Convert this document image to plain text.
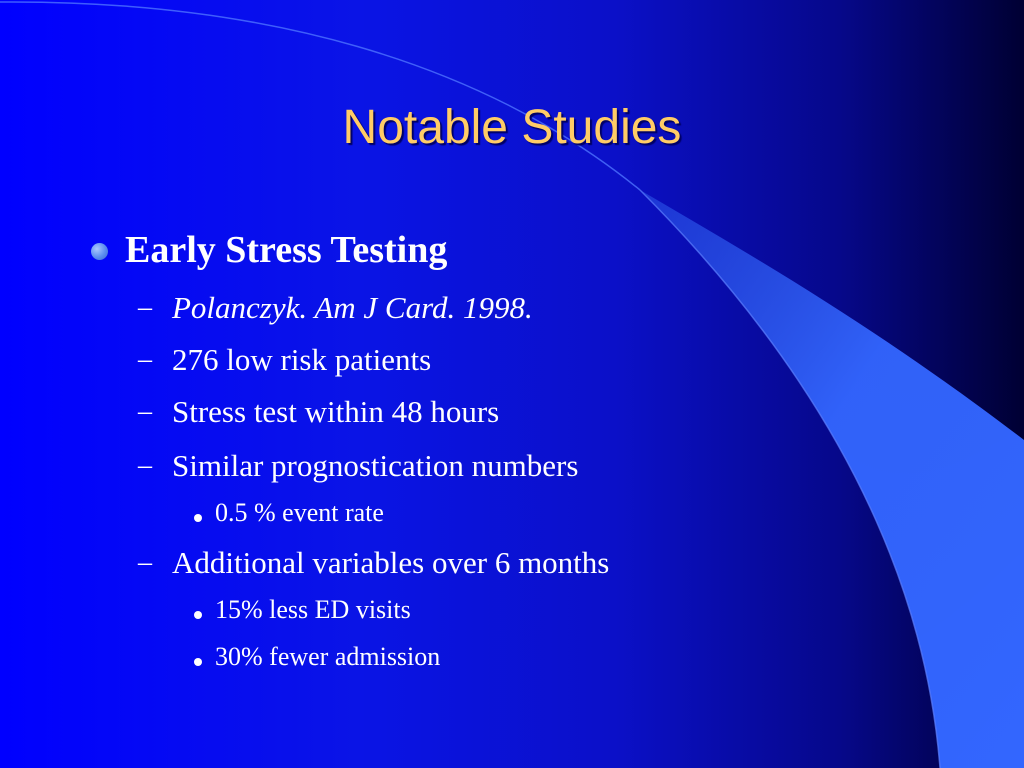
Notable Studies
Early Stress Testing
– Polanczyk. Am J Card. 1998.
– 276 low risk patients
– Stress test within 48 hours
– Similar prognostication numbers
0.5 % event rate
– Additional variables over 6 months
15% less ED visits
30% fewer admission
